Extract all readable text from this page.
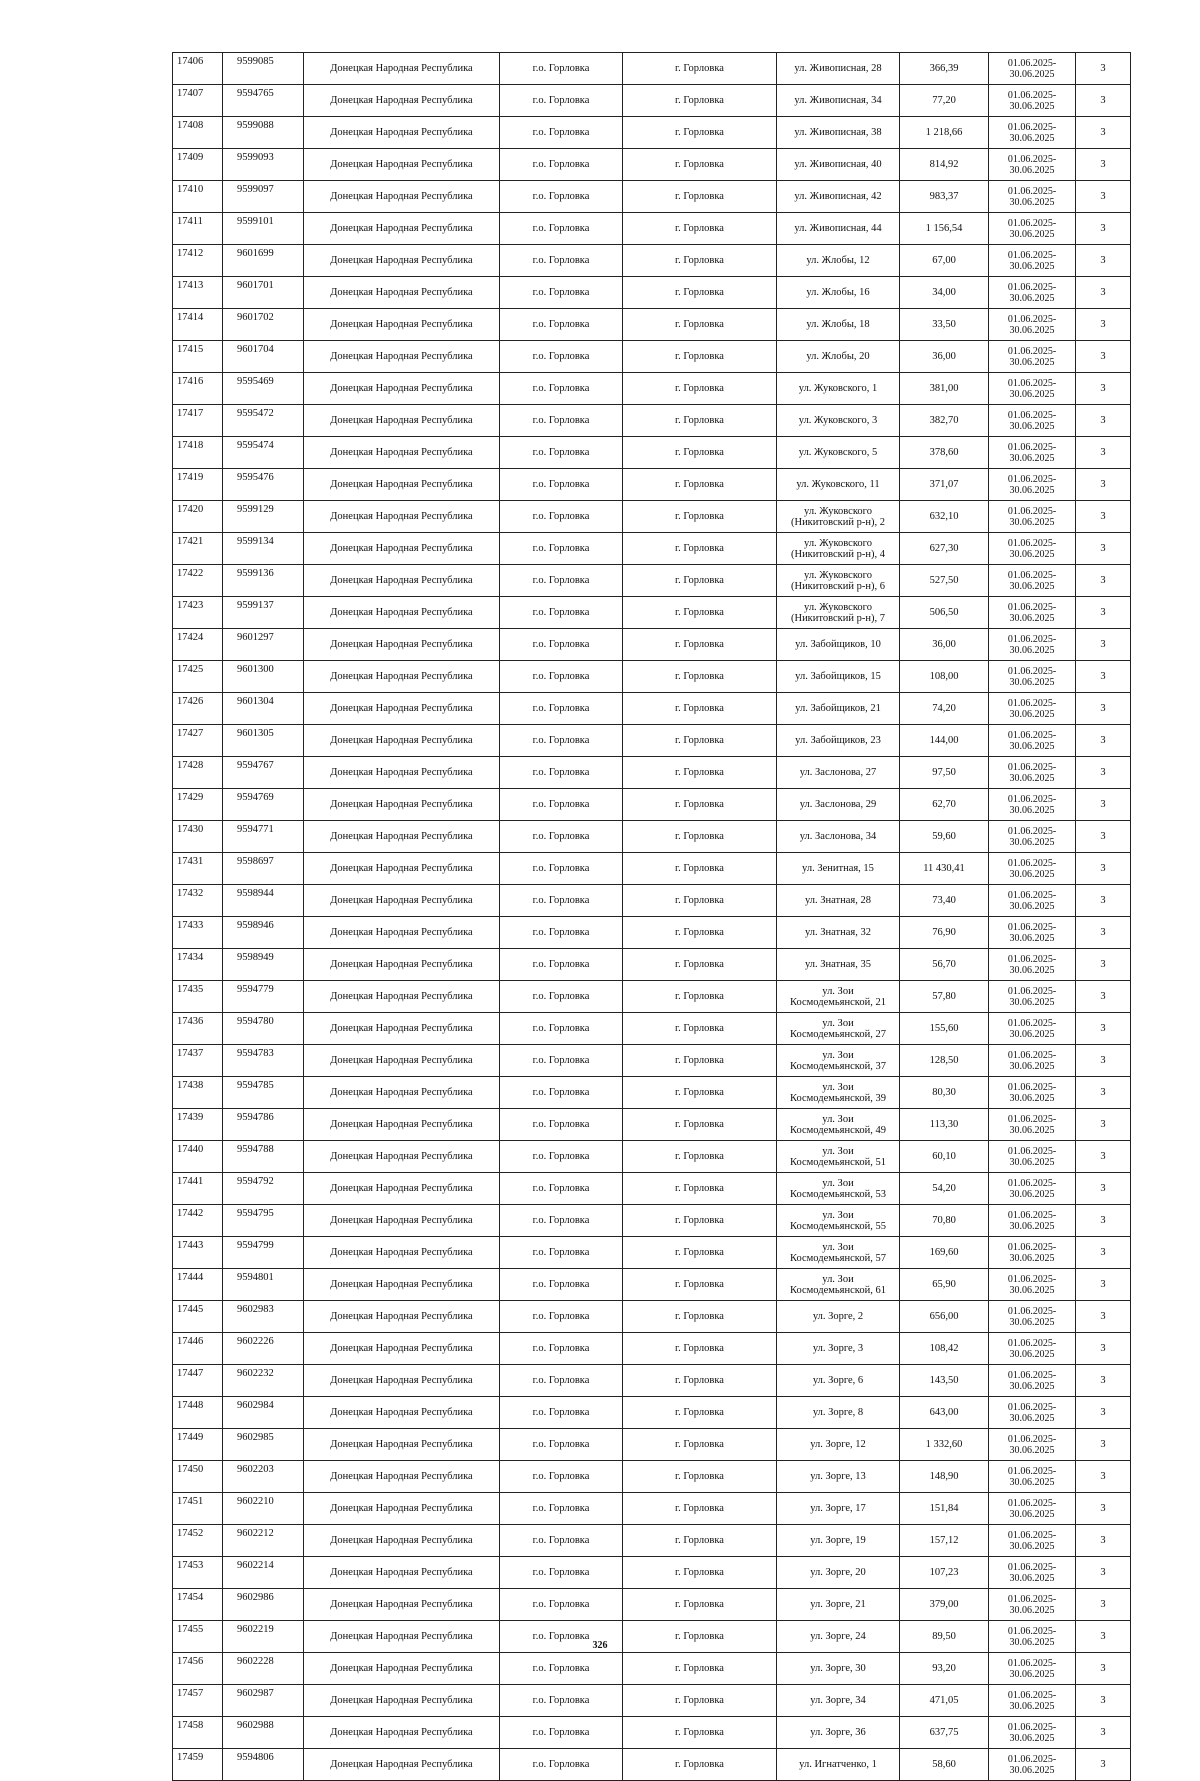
17406	9599085	Донецкая Народная Республика	г.о. Горловка	г. Горловка	ул. Живописная, 28	366,39	01.06.2025-
30.06.2025	3
17407	9594765	Донецкая Народная Республика	г.о. Горловка	г. Горловка	ул. Живописная, 34	77,20	01.06.2025-
30.06.2025	3
17408	9599088	Донецкая Народная Республика	г.о. Горловка	г. Горловка	ул. Живописная, 38	1 218,66	01.06.2025-
30.06.2025	3
17409	9599093	Донецкая Народная Республика	г.о. Горловка	г. Горловка	ул. Живописная, 40	814,92	01.06.2025-
30.06.2025	3
17410	9599097	Донецкая Народная Республика	г.о. Горловка	г. Горловка	ул. Живописная, 42	983,37	01.06.2025-
30.06.2025	3
17411	9599101	Донецкая Народная Республика	г.о. Горловка	г. Горловка	ул. Живописная, 44	1 156,54	01.06.2025-
30.06.2025	3
17412	9601699	Донецкая Народная Республика	г.о. Горловка	г. Горловка	ул. Жлобы, 12	67,00	01.06.2025-
30.06.2025	3
17413	9601701	Донецкая Народная Республика	г.о. Горловка	г. Горловка	ул. Жлобы, 16	34,00	01.06.2025-
30.06.2025	3
17414	9601702	Донецкая Народная Республика	г.о. Горловка	г. Горловка	ул. Жлобы, 18	33,50	01.06.2025-
30.06.2025	3
17415	9601704	Донецкая Народная Республика	г.о. Горловка	г. Горловка	ул. Жлобы, 20	36,00	01.06.2025-
30.06.2025	3
17416	9595469	Донецкая Народная Республика	г.о. Горловка	г. Горловка	ул. Жуковского, 1	381,00	01.06.2025-
30.06.2025	3
17417	9595472	Донецкая Народная Республика	г.о. Горловка	г. Горловка	ул. Жуковского, 3	382,70	01.06.2025-
30.06.2025	3
17418	9595474	Донецкая Народная Республика	г.о. Горловка	г. Горловка	ул. Жуковского, 5	378,60	01.06.2025-
30.06.2025	3
17419	9595476	Донецкая Народная Республика	г.о. Горловка	г. Горловка	ул. Жуковского, 11	371,07	01.06.2025-
30.06.2025	3
17420	9599129	Донецкая Народная Республика	г.о. Горловка	г. Горловка	ул. Жуковского
(Никитовский р-н), 2	632,10	01.06.2025-
30.06.2025	3
17421	9599134	Донецкая Народная Республика	г.о. Горловка	г. Горловка	ул. Жуковского
(Никитовский р-н), 4	627,30	01.06.2025-
30.06.2025	3
17422	9599136	Донецкая Народная Республика	г.о. Горловка	г. Горловка	ул. Жуковского
(Никитовский р-н), 6	527,50	01.06.2025-
30.06.2025	3
17423	9599137	Донецкая Народная Республика	г.о. Горловка	г. Горловка	ул. Жуковского
(Никитовский р-н), 7	506,50	01.06.2025-
30.06.2025	3
17424	9601297	Донецкая Народная Республика	г.о. Горловка	г. Горловка	ул. Забойщиков, 10	36,00	01.06.2025-
30.06.2025	3
17425	9601300	Донецкая Народная Республика	г.о. Горловка	г. Горловка	ул. Забойщиков, 15	108,00	01.06.2025-
30.06.2025	3
17426	9601304	Донецкая Народная Республика	г.о. Горловка	г. Горловка	ул. Забойщиков, 21	74,20	01.06.2025-
30.06.2025	3
17427	9601305	Донецкая Народная Республика	г.о. Горловка	г. Горловка	ул. Забойщиков, 23	144,00	01.06.2025-
30.06.2025	3
17428	9594767	Донецкая Народная Республика	г.о. Горловка	г. Горловка	ул. Заслонова, 27	97,50	01.06.2025-
30.06.2025	3
17429	9594769	Донецкая Народная Республика	г.о. Горловка	г. Горловка	ул. Заслонова, 29	62,70	01.06.2025-
30.06.2025	3
17430	9594771	Донецкая Народная Республика	г.о. Горловка	г. Горловка	ул. Заслонова, 34	59,60	01.06.2025-
30.06.2025	3
17431	9598697	Донецкая Народная Республика	г.о. Горловка	г. Горловка	ул. Зенитная, 15	11 430,41	01.06.2025-
30.06.2025	3
17432	9598944	Донецкая Народная Республика	г.о. Горловка	г. Горловка	ул. Знатная, 28	73,40	01.06.2025-
30.06.2025	3
17433	9598946	Донецкая Народная Республика	г.о. Горловка	г. Горловка	ул. Знатная, 32	76,90	01.06.2025-
30.06.2025	3
17434	9598949	Донецкая Народная Республика	г.о. Горловка	г. Горловка	ул. Знатная, 35	56,70	01.06.2025-
30.06.2025	3
17435	9594779	Донецкая Народная Республика	г.о. Горловка	г. Горловка	ул. Зои
Космодемьянской, 21	57,80	01.06.2025-
30.06.2025	3
17436	9594780	Донецкая Народная Республика	г.о. Горловка	г. Горловка	ул. Зои
Космодемьянской, 27	155,60	01.06.2025-
30.06.2025	3
17437	9594783	Донецкая Народная Республика	г.о. Горловка	г. Горловка	ул. Зои
Космодемьянской, 37	128,50	01.06.2025-
30.06.2025	3
17438	9594785	Донецкая Народная Республика	г.о. Горловка	г. Горловка	ул. Зои
Космодемьянской, 39	80,30	01.06.2025-
30.06.2025	3
17439	9594786	Донецкая Народная Республика	г.о. Горловка	г. Горловка	ул. Зои
Космодемьянской, 49	113,30	01.06.2025-
30.06.2025	3
17440	9594788	Донецкая Народная Республика	г.о. Горловка	г. Горловка	ул. Зои
Космодемьянской, 51	60,10	01.06.2025-
30.06.2025	3
17441	9594792	Донецкая Народная Республика	г.о. Горловка	г. Горловка	ул. Зои
Космодемьянской, 53	54,20	01.06.2025-
30.06.2025	3
17442	9594795	Донецкая Народная Республика	г.о. Горловка	г. Горловка	ул. Зои
Космодемьянской, 55	70,80	01.06.2025-
30.06.2025	3
17443	9594799	Донецкая Народная Республика	г.о. Горловка	г. Горловка	ул. Зои
Космодемьянской, 57	169,60	01.06.2025-
30.06.2025	3
17444	9594801	Донецкая Народная Республика	г.о. Горловка	г. Горловка	ул. Зои
Космодемьянской, 61	65,90	01.06.2025-
30.06.2025	3
17445	9602983	Донецкая Народная Республика	г.о. Горловка	г. Горловка	ул. Зорге, 2	656,00	01.06.2025-
30.06.2025	3
17446	9602226	Донецкая Народная Республика	г.о. Горловка	г. Горловка	ул. Зорге, 3	108,42	01.06.2025-
30.06.2025	3
17447	9602232	Донецкая Народная Республика	г.о. Горловка	г. Горловка	ул. Зорге, 6	143,50	01.06.2025-
30.06.2025	3
17448	9602984	Донецкая Народная Республика	г.о. Горловка	г. Горловка	ул. Зорге, 8	643,00	01.06.2025-
30.06.2025	3
17449	9602985	Донецкая Народная Республика	г.о. Горловка	г. Горловка	ул. Зорге, 12	1 332,60	01.06.2025-
30.06.2025	3
17450	9602203	Донецкая Народная Республика	г.о. Горловка	г. Горловка	ул. Зорге, 13	148,90	01.06.2025-
30.06.2025	3
17451	9602210	Донецкая Народная Республика	г.о. Горловка	г. Горловка	ул. Зорге, 17	151,84	01.06.2025-
30.06.2025	3
17452	9602212	Донецкая Народная Республика	г.о. Горловка	г. Горловка	ул. Зорге, 19	157,12	01.06.2025-
30.06.2025	3
17453	9602214	Донецкая Народная Республика	г.о. Горловка	г. Горловка	ул. Зорге, 20	107,23	01.06.2025-
30.06.2025	3
17454	9602986	Донецкая Народная Республика	г.о. Горловка	г. Горловка	ул. Зорге, 21	379,00	01.06.2025-
30.06.2025	3
17455	9602219	Донецкая Народная Республика	г.о. Горловка	г. Горловка	ул. Зорге, 24	89,50	01.06.2025-
30.06.2025	3
17456	9602228	Донецкая Народная Республика	г.о. Горловка	г. Горловка	ул. Зорге, 30	93,20	01.06.2025-
30.06.2025	3
17457	9602987	Донецкая Народная Республика	г.о. Горловка	г. Горловка	ул. Зорге, 34	471,05	01.06.2025-
30.06.2025	3
17458	9602988	Донецкая Народная Республика	г.о. Горловка	г. Горловка	ул. Зорге, 36	637,75	01.06.2025-
30.06.2025	3
17459	9594806	Донецкая Народная Республика	г.о. Горловка	г. Горловка	ул. Игнатченко, 1	58,60	01.06.2025-
30.06.2025	3
326
